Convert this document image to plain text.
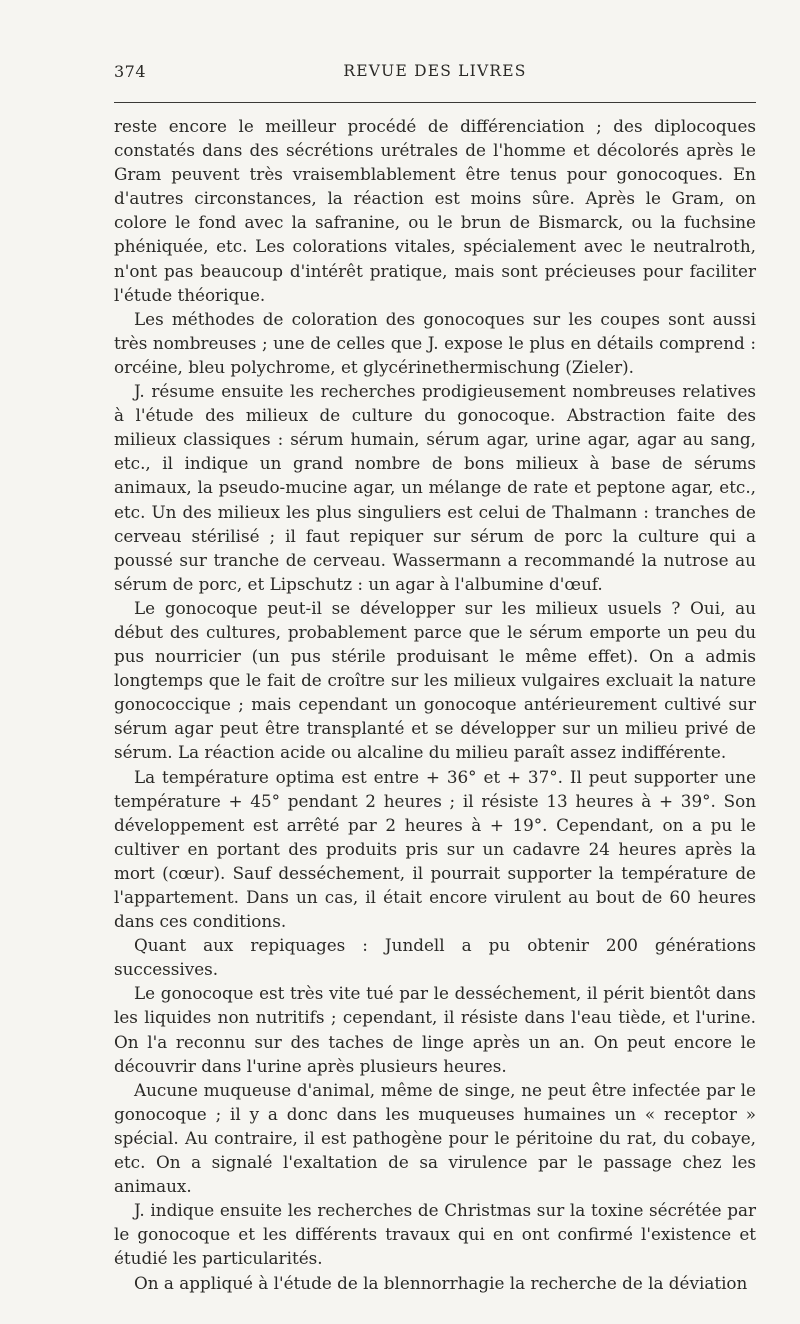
374	REVUE DES LIVRES

reste encore le meilleur procédé de différenciation ; des diplocoques constatés dans des sécrétions urétrales de l'homme et décolorés après le Gram peuvent très vraisemblablement être tenus pour gonocoques. En d'autres circonstances, la réaction est moins sûre. Après le Gram, on colore le fond avec la safranine, ou le brun de Bismarck, ou la fuchsine phéniquée, etc. Les colorations vitales, spécialement avec le neutralroth, n'ont pas beaucoup d'intérêt pratique, mais sont précieuses pour faciliter l'étude théorique.

Les méthodes de coloration des gonocoques sur les coupes sont aussi très nombreuses ; une de celles que J. expose le plus en détails comprend : orcéine, bleu polychrome, et glycérinethermischung (Zieler).

J. résume ensuite les recherches prodigieusement nombreuses relatives à l'étude des milieux de culture du gonocoque. Abstraction faite des milieux classiques : sérum humain, sérum agar, urine agar, agar au sang, etc., il indique un grand nombre de bons milieux à base de sérums animaux, la pseudo-mucine agar, un mélange de rate et peptone agar, etc., etc. Un des milieux les plus singuliers est celui de Thalmann : tranches de cerveau stérilisé ; il faut repiquer sur sérum de porc la culture qui a poussé sur tranche de cerveau. Wassermann a recommandé la nutrose au sérum de porc, et Lipschutz : un agar à l'albumine d'œuf.

Le gonocoque peut-il se développer sur les milieux usuels ? Oui, au début des cultures, probablement parce que le sérum emporte un peu du pus nourricier (un pus stérile produisant le même effet). On a admis longtemps que le fait de croître sur les milieux vulgaires excluait la nature gonococcique ; mais cependant un gonocoque antérieurement cultivé sur sérum agar peut être transplanté et se développer sur un milieu privé de sérum. La réaction acide ou alcaline du milieu paraît assez indifférente.

La température optima est entre + 36° et + 37°. Il peut supporter une température + 45° pendant 2 heures ; il résiste 13 heures à + 39°. Son développement est arrêté par 2 heures à + 19°. Cependant, on a pu le cultiver en portant des produits pris sur un cadavre 24 heures après la mort (cœur). Sauf desséchement, il pourrait supporter la température de l'appartement. Dans un cas, il était encore virulent au bout de 60 heures dans ces conditions.

Quant aux repiquages : Jundell a pu obtenir 200 générations successives.

Le gonocoque est très vite tué par le desséchement, il périt bientôt dans les liquides non nutritifs ; cependant, il résiste dans l'eau tiède, et l'urine. On l'a reconnu sur des taches de linge après un an. On peut encore le découvrir dans l'urine après plusieurs heures.

Aucune muqueuse d'animal, même de singe, ne peut être infectée par le gonocoque ; il y a donc dans les muqueuses humaines un « receptor » spécial. Au contraire, il est pathogène pour le péritoine du rat, du cobaye, etc. On a signalé l'exaltation de sa virulence par le passage chez les animaux.

J. indique ensuite les recherches de Christmas sur la toxine sécrétée par le gonocoque et les différents travaux qui en ont confirmé l'existence et étudié les particularités.

On a appliqué à l'étude de la blennorrhagie la recherche de la déviation
